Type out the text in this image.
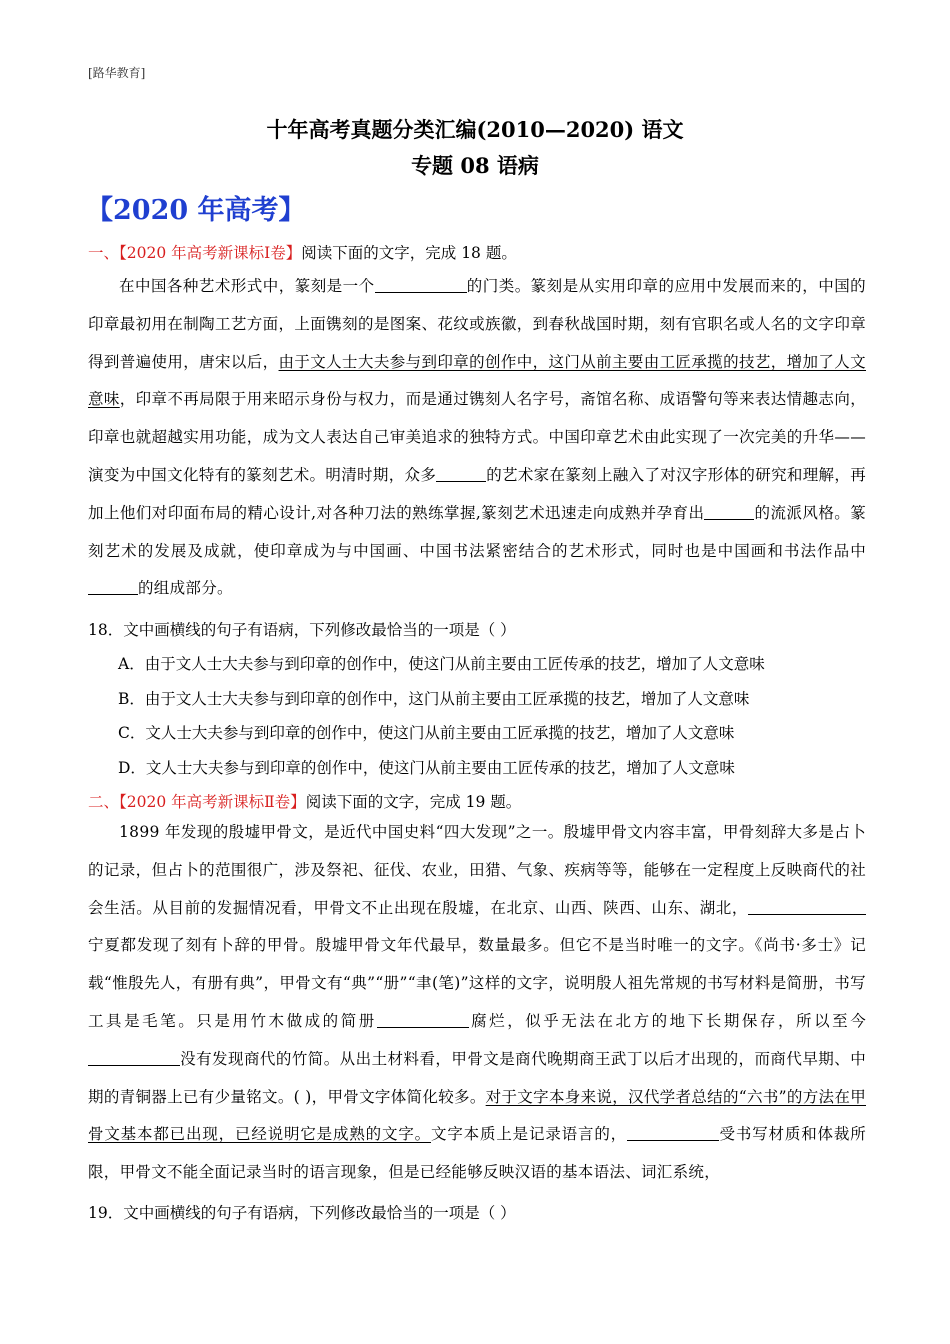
[路华教育]
十年高考真题分类汇编(2010—2020) 语文
专题 08 语病
【2020 年高考】
一、【2020 年高考新课标Ⅰ卷】阅读下面的文字，完成 18 题。

在中国各种艺术形式中，篆刻是一个	的门类。篆刻是从实用印章的应用中发展而来的，中国的印章最初用在制陶工艺方面，上面镌刻的是图案、花纹或族徽，到春秋战国时期，刻有官职名或人名的文字印章得到普遍使用，唐宋以后，由于文人士大夫参与到印章的创作中，这门从前主要由工匠承揽的技艺，增加了人文意味，印章不再局限于用来昭示身份与权力，而是通过镌刻人名字号，斋馆名称、成语警句等来表达情趣志向，印章也就超越实用功能，成为文人表达自己审美追求的独特方式。中国印章艺术由此实现了一次完美的升华——演变为中国文化特有的篆刻艺术。明清时期，众多	的艺术家在篆刻上融入了对汉字形体的研究和理解，再加上他们对印面布局的精心设计,对各种刀法的熟练掌握,篆刻艺术迅速走向成熟并孕育出	的流派风格。篆刻艺术的发展及成就，使印章成为与中国画、中国书法紧密结合的艺术形式，同时也是中国画和书法作品中的组成部分。

18．文中画横线的句子有语病，下列修改最恰当的一项是（ ）
A．由于文人士大夫参与到印章的创作中，使这门从前主要由工匠传承的技艺，增加了人文意味
B．由于文人士大夫参与到印章的创作中，这门从前主要由工匠承揽的技艺，增加了人文意味
C．文人士大夫参与到印章的创作中，使这门从前主要由工匠承揽的技艺，增加了人文意味
D．文人士大夫参与到印章的创作中，使这门从前主要由工匠传承的技艺，增加了人文意味
二、【2020 年高考新课标Ⅱ卷】阅读下面的文字，完成 19 题。

1899 年发现的殷墟甲骨文，是近代中国史料“四大发现”之一。殷墟甲骨文内容丰富，甲骨刻辞大多是占卜的记录，但占卜的范围很广，涉及祭祀、征伐、农业，田猎、气象、疾病等等，能够在一定程度上反映商代的社会生活。从目前的发掘情况看，甲骨文不止出现在殷墟，在北京、山西、陕西、山东、湖北，宁夏都发现了刻有卜辞的甲骨。殷墟甲骨文年代最早，数量最多。但它不是当时唯一的文字。《尚书·多士》记载“惟殷先人，有册有典”，甲骨文有“典”“册”“聿(笔)”这样的文字，说明殷人祖先常规的书写材料是简册，书写工具是毛笔。只是用竹木做成的简册	腐烂，似乎无法在北方的地下长期保存，所以至今没有发现商代的竹简。从出土材料看，甲骨文是商代晚期商王武丁以后才出现的，而商代早期、中期的青铜器上已有少量铭文。( )，甲骨文字体简化较多。对于文字本身来说，汉代学者总结的“六书”的方法在甲骨文基本都已出现，已经说明它是成熟的文字。文字本质上是记录语言的，	受书写材质和体裁所限，甲骨文不能全面记录当时的语言现象，但是已经能够反映汉语的基本语法、词汇系统，

19．文中画横线的句子有语病，下列修改最恰当的一项是（ ）
